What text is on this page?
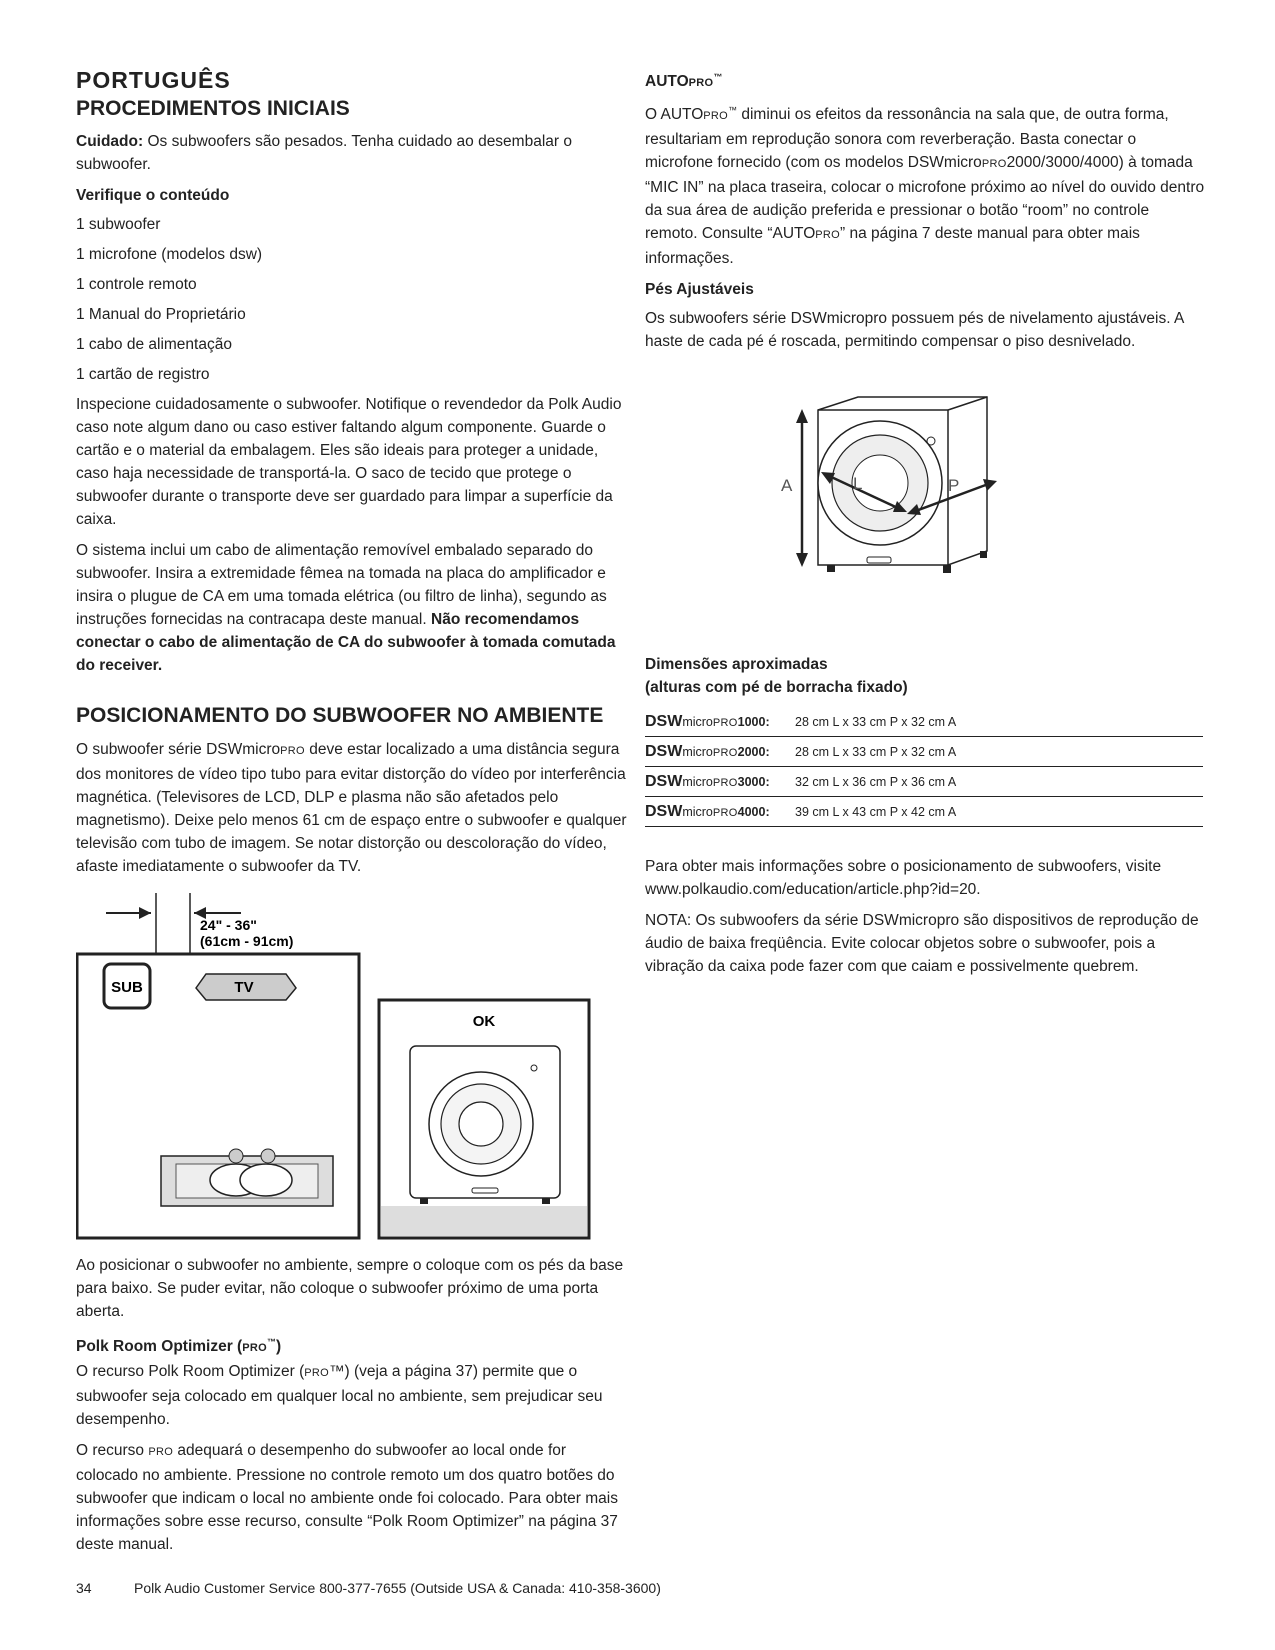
PORTUGUÊS
PROCEDIMENTOS INICIAIS

Cuidado: Os subwoofers são pesados. Tenha cuidado ao desembalar o subwoofer.

Verifique o conteúdo
1 subwoofer
1 microfone (modelos dsw)
1 controle remoto
1 Manual do Proprietário
1 cabo de alimentação
1 cartão de registro

Inspecione cuidadosamente o subwoofer. Notifique o revendedor da Polk Audio caso note algum dano ou caso estiver faltando algum componente. Guarde o cartão e o material da embalagem. Eles são ideais para proteger a unidade, caso haja necessidade de transportá-la. O saco de tecido que protege o subwoofer durante o transporte deve ser guardado para limpar a superfície da caixa.

O sistema inclui um cabo de alimentação removível embalado separado do subwoofer. Insira a extremidade fêmea na tomada na placa do amplificador e insira o plugue de CA em uma tomada elétrica (ou filtro de linha), segundo as instruções fornecidas na contracapa deste manual. Não recomendamos conectar o cabo de alimentação de CA do subwoofer à tomada comutada do receiver.

POSICIONAMENTO DO SUBWOOFER NO AMBIENTE

O subwoofer série DSWmicroPRO deve estar localizado a uma distância segura dos monitores de vídeo tipo tubo para evitar distorção do vídeo por interferência magnética. (Televisores de LCD, DLP e plasma não são afetados pelo magnetismo). Deixe pelo menos 61 cm de espaço entre o subwoofer e qualquer televisão com tubo de imagem. Se notar distorção ou descoloração do vídeo, afaste imediatamente o subwoofer da TV.

24" - 36"
(61cm - 91cm)
SUB	TV
OK

Ao posicionar o subwoofer no ambiente, sempre o coloque com os pés da base para baixo. Se puder evitar, não coloque o subwoofer próximo de uma porta aberta.

Polk Room Optimizer (PRO™)

O recurso Polk Room Optimizer (PRO™) (veja a página 37) permite que o subwoofer seja colocado em qualquer local no ambiente, sem prejudicar seu desempenho.

O recurso PRO adequará o desempenho do subwoofer ao local onde for colocado no ambiente. Pressione no controle remoto um dos quatro botões do subwoofer que indicam o local no ambiente onde foi colocado. Para obter mais informações sobre esse recurso, consulte “Polk Room Optimizer” na página 37 deste manual.

AUTOPRO™

O AUTOPRO™ diminui os efeitos da ressonância na sala que, de outra forma, resultariam em reprodução sonora com reverberação. Basta conectar o microfone fornecido (com os modelos DSWmicroPRO2000/3000/4000) à tomada “MIC IN” na placa traseira, colocar o microfone próximo ao nível do ouvido dentro da sua área de audição preferida e pressionar o botão “room” no controle remoto. Consulte “AUTOPRO” na página 7 deste manual para obter mais informações.

Pés Ajustáveis

Os subwoofers série DSWmicropro possuem pés de nivelamento ajustáveis. A haste de cada pé é roscada, permitindo compensar o piso desnivelado.

A	L	P
Dimensões aproximadas
(alturas com pé de borracha fixado)
DSWmicroPRO1000:	28 cm L x 33 cm P x 32 cm A
DSWmicroPRO2000:	28 cm L x 33 cm P x 32 cm A
DSWmicroPRO3000:	32 cm L x 36 cm P x 36 cm A
DSWmicroPRO4000:	39 cm L x 43 cm P x 42 cm A

Para obter mais informações sobre o posicionamento de subwoofers, visite www.polkaudio.com/education/article.php?id=20.

NOTA: Os subwoofers da série DSWmicropro são dispositivos de reprodução de áudio de baixa freqüência. Evite colocar objetos sobre o subwoofer, pois a vibração da caixa pode fazer com que caiam e possivelmente quebrem.

34	Polk Audio Customer Service 800-377-7655 (Outside USA & Canada: 410-358-3600)
